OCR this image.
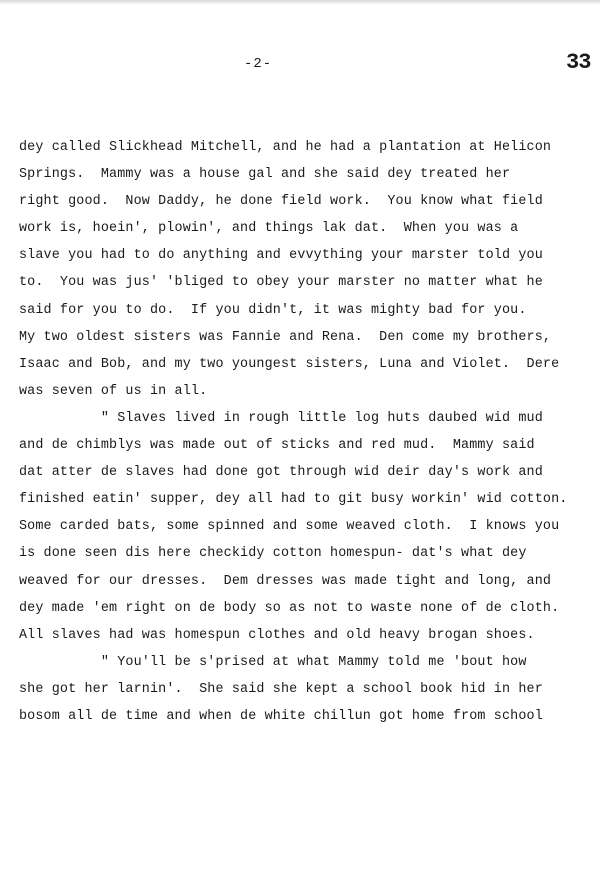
-2-	33
dey called Slickhead Mitchell, and he had a plantation at Helicon
Springs.  Mammy was a house gal and she said dey treated her
right good.  Now Daddy, he done field work.  You know what field
work is, hoein', plowin', and things lak dat.  When you was a
slave you had to do anything and evvything your marster told you
to.  You was jus' 'bliged to obey your marster no matter what he
said for you to do.  If you didn't, it was mighty bad for you.
My two oldest sisters was Fannie and Rena.  Den come my brothers,
Isaac and Bob, and my two youngest sisters, Luna and Violet.  Dere
was seven of us in all.
" Slaves lived in rough little log huts daubed wid mud
and de chimblys was made out of sticks and red mud.  Mammy said
dat atter de slaves had done got through wid deir day's work and
finished eatin' supper, dey all had to git busy workin' wid cotton.
Some carded bats, some spinned and some weaved cloth.  I knows you
is done seen dis here checkidy cotton homespun- dat's what dey
weaved for our dresses.  Dem dresses was made tight and long, and
dey made 'em right on de body so as not to waste none of de cloth.
All slaves had was homespun clothes and old heavy brogan shoes.
" You'll be s'prised at what Mammy told me 'bout how
she got her larnin'.  She said she kept a school book hid in her
bosom all de time and when de white chillun got home from school
